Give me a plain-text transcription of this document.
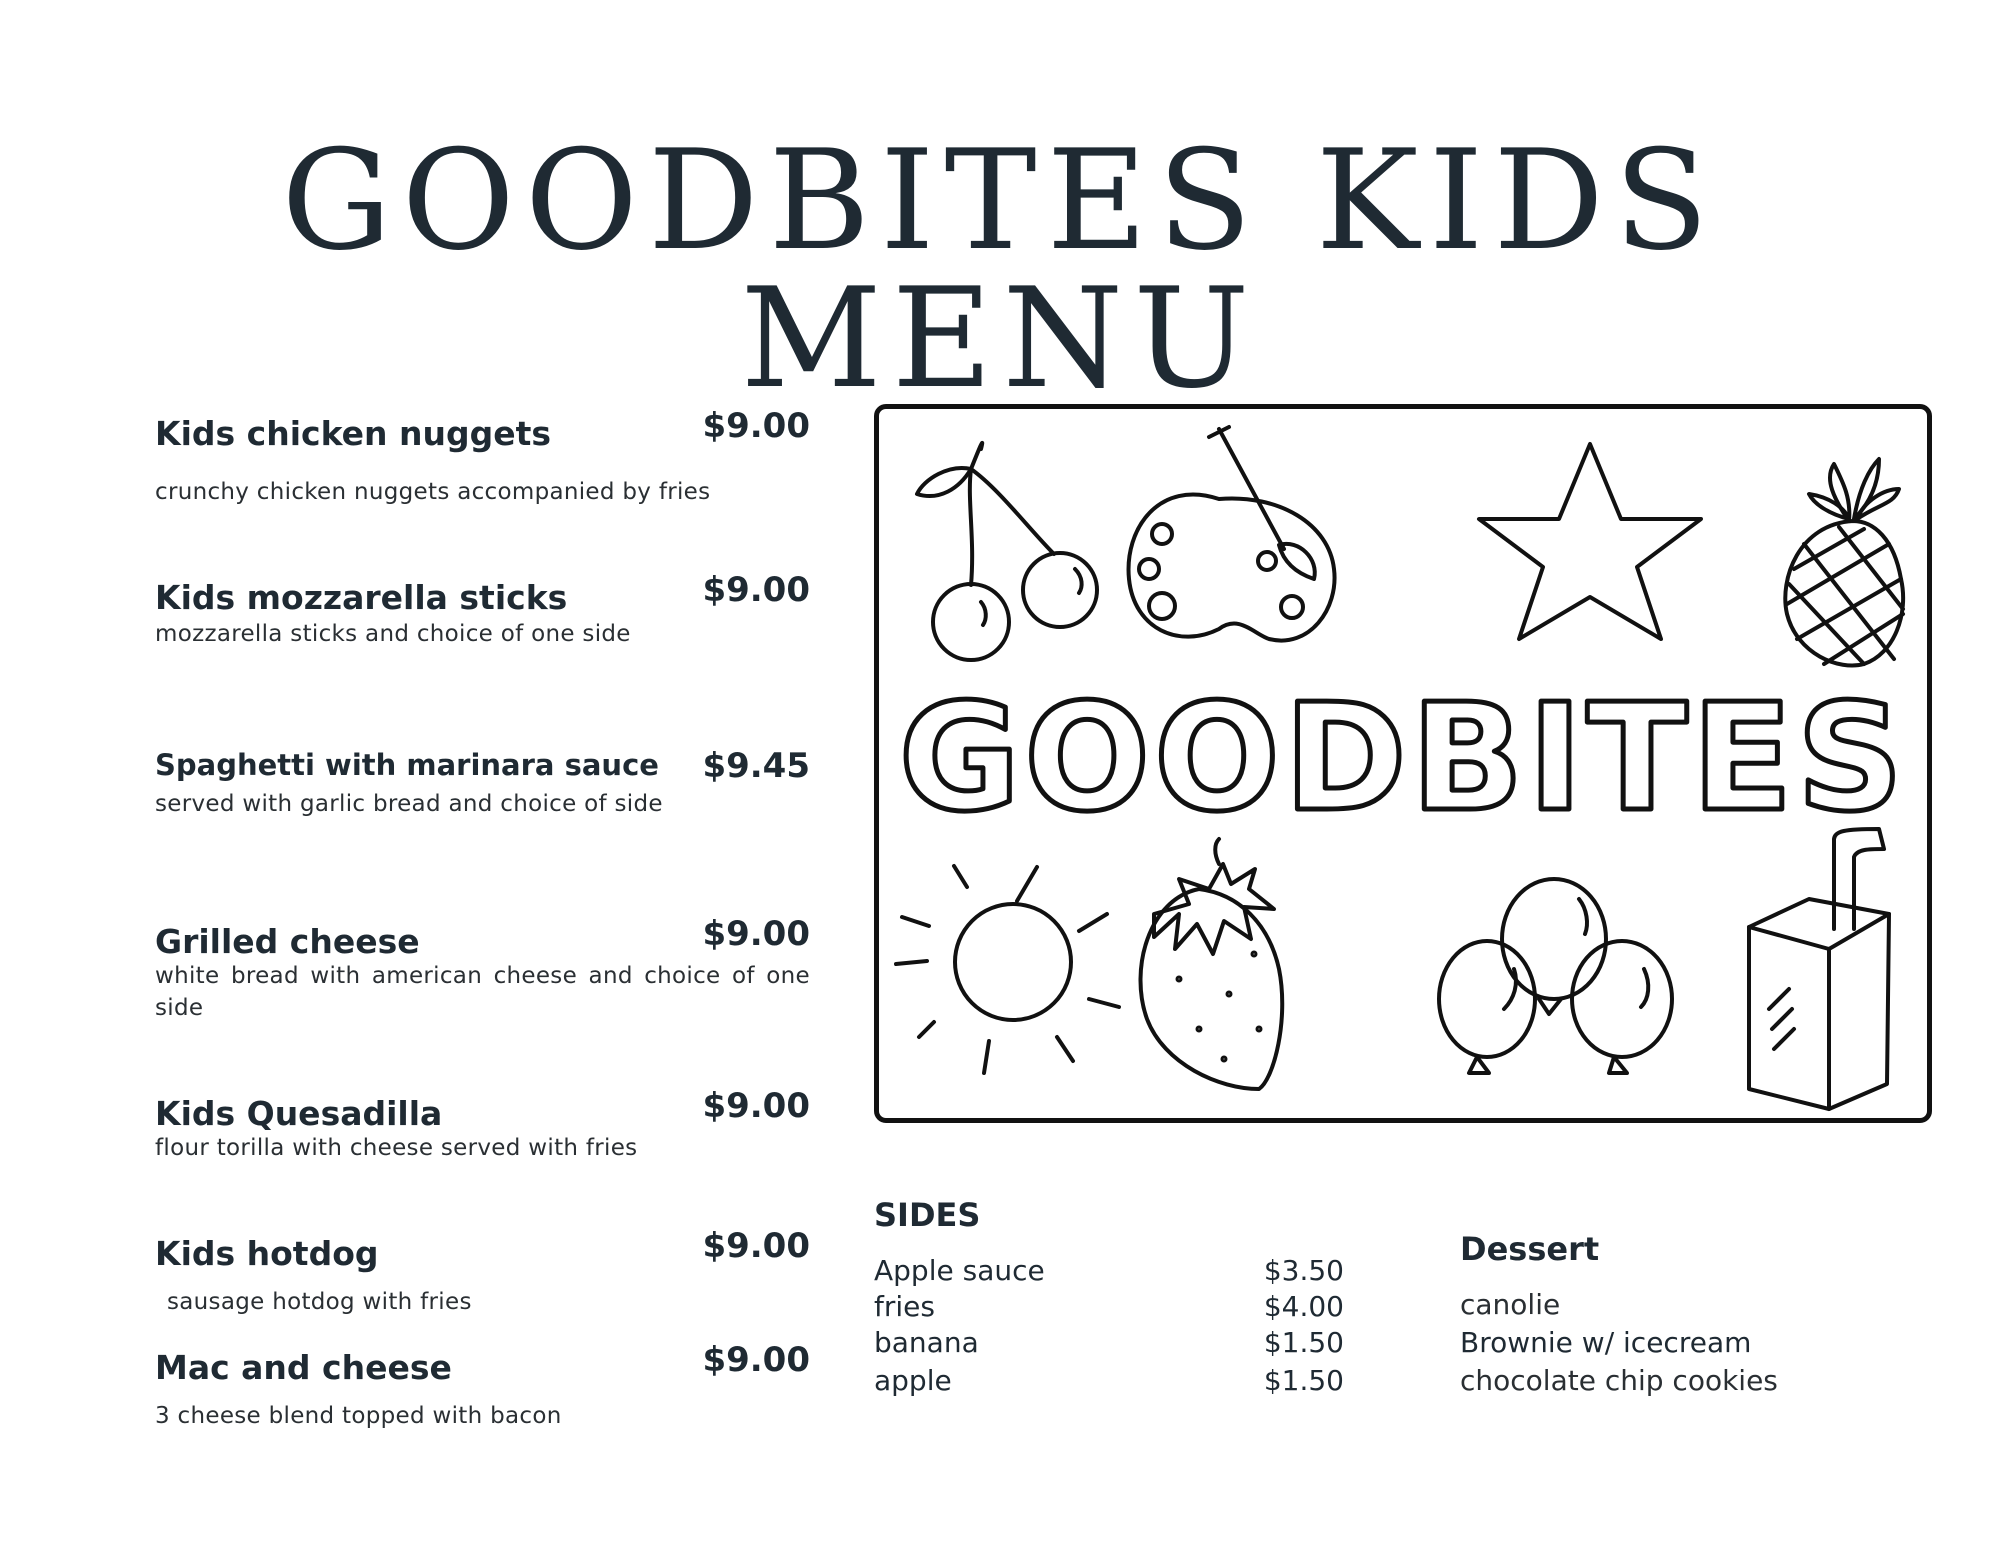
GOODBITES KIDS MENU
Kids chicken nuggets	$9.00
crunchy chicken nuggets accompanied by fries
Kids mozzarella sticks	$9.00
mozzarella sticks and choice of one side
Spaghetti with marinara sauce $9.45
served with garlic bread and choice of side
Grilled cheese	$9.00
white bread with american cheese and choice of one side
Kids Quesadilla	$9.00
flour torilla with cheese served with fries
Kids hotdog	$9.00
sausage hotdog with fries
Mac and cheese	$9.00
3 cheese blend topped with bacon
GOODBITES
SIDES
Apple sauce	$3.50
fries	$4.00
banana	$1.50
apple	$1.50
Dessert
canolie
Brownie w/ icecream
chocolate chip cookies
